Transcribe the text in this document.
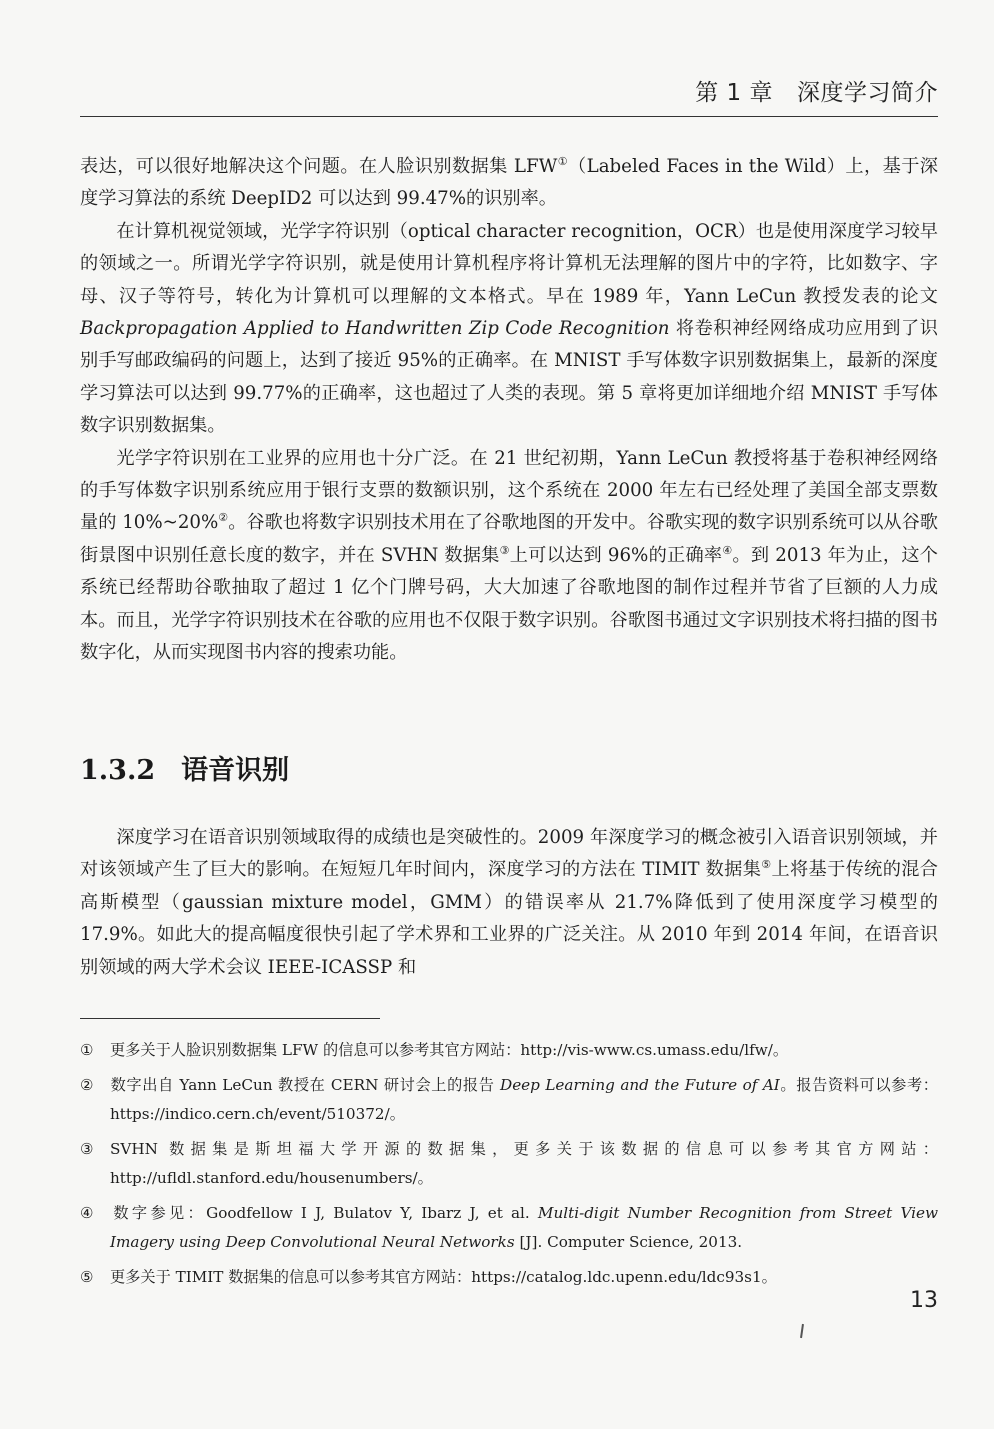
第 1 章 深度学习简介

表达，可以很好地解决这个问题。在人脸识别数据集 LFW①（Labeled Faces in the Wild）上，基于深度学习算法的系统 DeepID2 可以达到 99.47%的识别率。

在计算机视觉领域，光学字符识别（optical character recognition，OCR）也是使用深度学习较早的领域之一。所谓光学字符识别，就是使用计算机程序将计算机无法理解的图片中的字符，比如数字、字母、汉子等符号，转化为计算机可以理解的文本格式。早在 1989 年，Yann LeCun 教授发表的论文 Backpropagation Applied to Handwritten Zip Code Recognition 将卷积神经网络成功应用到了识别手写邮政编码的问题上，达到了接近 95%的正确率。在 MNIST 手写体数字识别数据集上，最新的深度学习算法可以达到 99.77%的正确率，这也超过了人类的表现。第 5 章将更加详细地介绍 MNIST 手写体数字识别数据集。

光学字符识别在工业界的应用也十分广泛。在 21 世纪初期，Yann LeCun 教授将基于卷积神经网络的手写体数字识别系统应用于银行支票的数额识别，这个系统在 2000 年左右已经处理了美国全部支票数量的 10%~20%②。谷歌也将数字识别技术用在了谷歌地图的开发中。谷歌实现的数字识别系统可以从谷歌街景图中识别任意长度的数字，并在 SVHN 数据集③上可以达到 96%的正确率④。到 2013 年为止，这个系统已经帮助谷歌抽取了超过 1 亿个门牌号码，大大加速了谷歌地图的制作过程并节省了巨额的人力成本。而且，光学字符识别技术在谷歌的应用也不仅限于数字识别。谷歌图书通过文字识别技术将扫描的图书数字化，从而实现图书内容的搜索功能。

1.3.2 语音识别

深度学习在语音识别领域取得的成绩也是突破性的。2009 年深度学习的概念被引入语音识别领域，并对该领域产生了巨大的影响。在短短几年时间内，深度学习的方法在 TIMIT 数据集⑤上将基于传统的混合高斯模型（gaussian mixture model，GMM）的错误率从 21.7%降低到了使用深度学习模型的 17.9%。如此大的提高幅度很快引起了学术界和工业界的广泛关注。从 2010 年到 2014 年间，在语音识别领域的两大学术会议 IEEE-ICASSP 和

① 更多关于人脸识别数据集 LFW 的信息可以参考其官方网站：http://vis-www.cs.umass.edu/lfw/。

② 数字出自 Yann LeCun 教授在 CERN 研讨会上的报告 Deep Learning and the Future of AI。报告资料可以参考：https://indico.cern.ch/event/510372/。

③ SVHN 数据集是斯坦福大学开源的数据集，更多关于该数据的信息可以参考其官方网站：http://ufldl.stanford.edu/housenumbers/。

④ 数字参见：Goodfellow I J, Bulatov Y, Ibarz J, et al. Multi-digit Number Recognition from Street View Imagery using Deep Convolutional Neural Networks [J]. Computer Science, 2013.

⑤ 更多关于 TIMIT 数据集的信息可以参考其官方网站：https://catalog.ldc.upenn.edu/ldc93s1。

13
